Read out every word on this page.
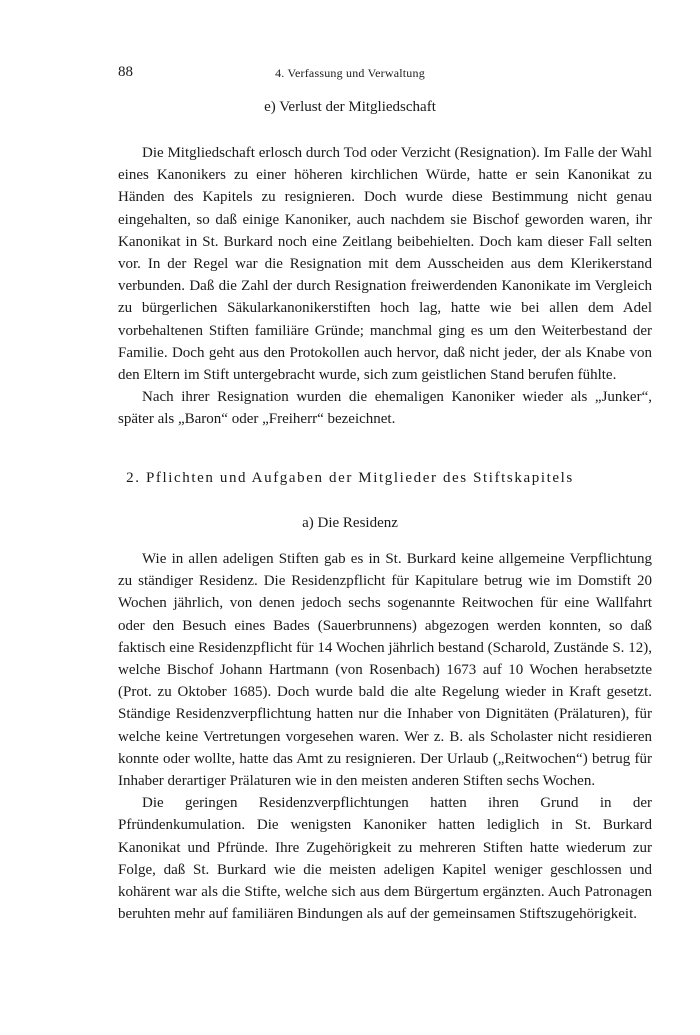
88	4. Verfassung und Verwaltung
e) Verlust der Mitgliedschaft

Die Mitgliedschaft erlosch durch Tod oder Verzicht (Resignation). Im Falle der Wahl eines Kanonikers zu einer höheren kirchlichen Würde, hatte er sein Kanonikat zu Händen des Kapitels zu resignieren. Doch wurde diese Bestimmung nicht genau eingehalten, so daß einige Kanoniker, auch nachdem sie Bischof geworden waren, ihr Kanonikat in St. Burkard noch eine Zeitlang beibehielten. Doch kam dieser Fall selten vor. In der Regel war die Resignation mit dem Ausscheiden aus dem Klerikerstand verbunden. Daß die Zahl der durch Resignation freiwerdenden Kanonikate im Vergleich zu bürgerlichen Säkularkanonikerstiften hoch lag, hatte wie bei allen dem Adel vorbehaltenen Stiften familiäre Gründe; manchmal ging es um den Weiterbestand der Familie. Doch geht aus den Protokollen auch hervor, daß nicht jeder, der als Knabe von den Eltern im Stift untergebracht wurde, sich zum geistlichen Stand berufen fühlte.

Nach ihrer Resignation wurden die ehemaligen Kanoniker wieder als „Junker“, später als „Baron“ oder „Freiherr“ bezeichnet.

2. Pflichten und Aufgaben der Mitglieder des Stiftskapitels
a) Die Residenz

Wie in allen adeligen Stiften gab es in St. Burkard keine allgemeine Verpflichtung zu ständiger Residenz. Die Residenzpflicht für Kapitulare betrug wie im Domstift 20 Wochen jährlich, von denen jedoch sechs sogenannte Reitwochen für eine Wallfahrt oder den Besuch eines Bades (Sauerbrunnens) abgezogen werden konnten, so daß faktisch eine Residenzpflicht für 14 Wochen jährlich bestand (Scharold, Zustände S. 12), welche Bischof Johann Hartmann (von Rosenbach) 1673 auf 10 Wochen herabsetzte (Prot. zu Oktober 1685). Doch wurde bald die alte Regelung wieder in Kraft gesetzt. Ständige Residenzverpflichtung hatten nur die Inhaber von Dignitäten (Prälaturen), für welche keine Vertretungen vorgesehen waren. Wer z. B. als Scholaster nicht residieren konnte oder wollte, hatte das Amt zu resignieren. Der Urlaub („Reitwochen“) betrug für Inhaber derartiger Prälaturen wie in den meisten anderen Stiften sechs Wochen.

Die geringen Residenzverpflichtungen hatten ihren Grund in der Pfründenkumulation. Die wenigsten Kanoniker hatten lediglich in St. Burkard Kanonikat und Pfründe. Ihre Zugehörigkeit zu mehreren Stiften hatte wiederum zur Folge, daß St. Burkard wie die meisten adeligen Kapitel weniger geschlossen und kohärent war als die Stifte, welche sich aus dem Bürgertum ergänzten. Auch Patronagen beruhten mehr auf familiären Bindungen als auf der gemeinsamen Stiftszugehörigkeit.
